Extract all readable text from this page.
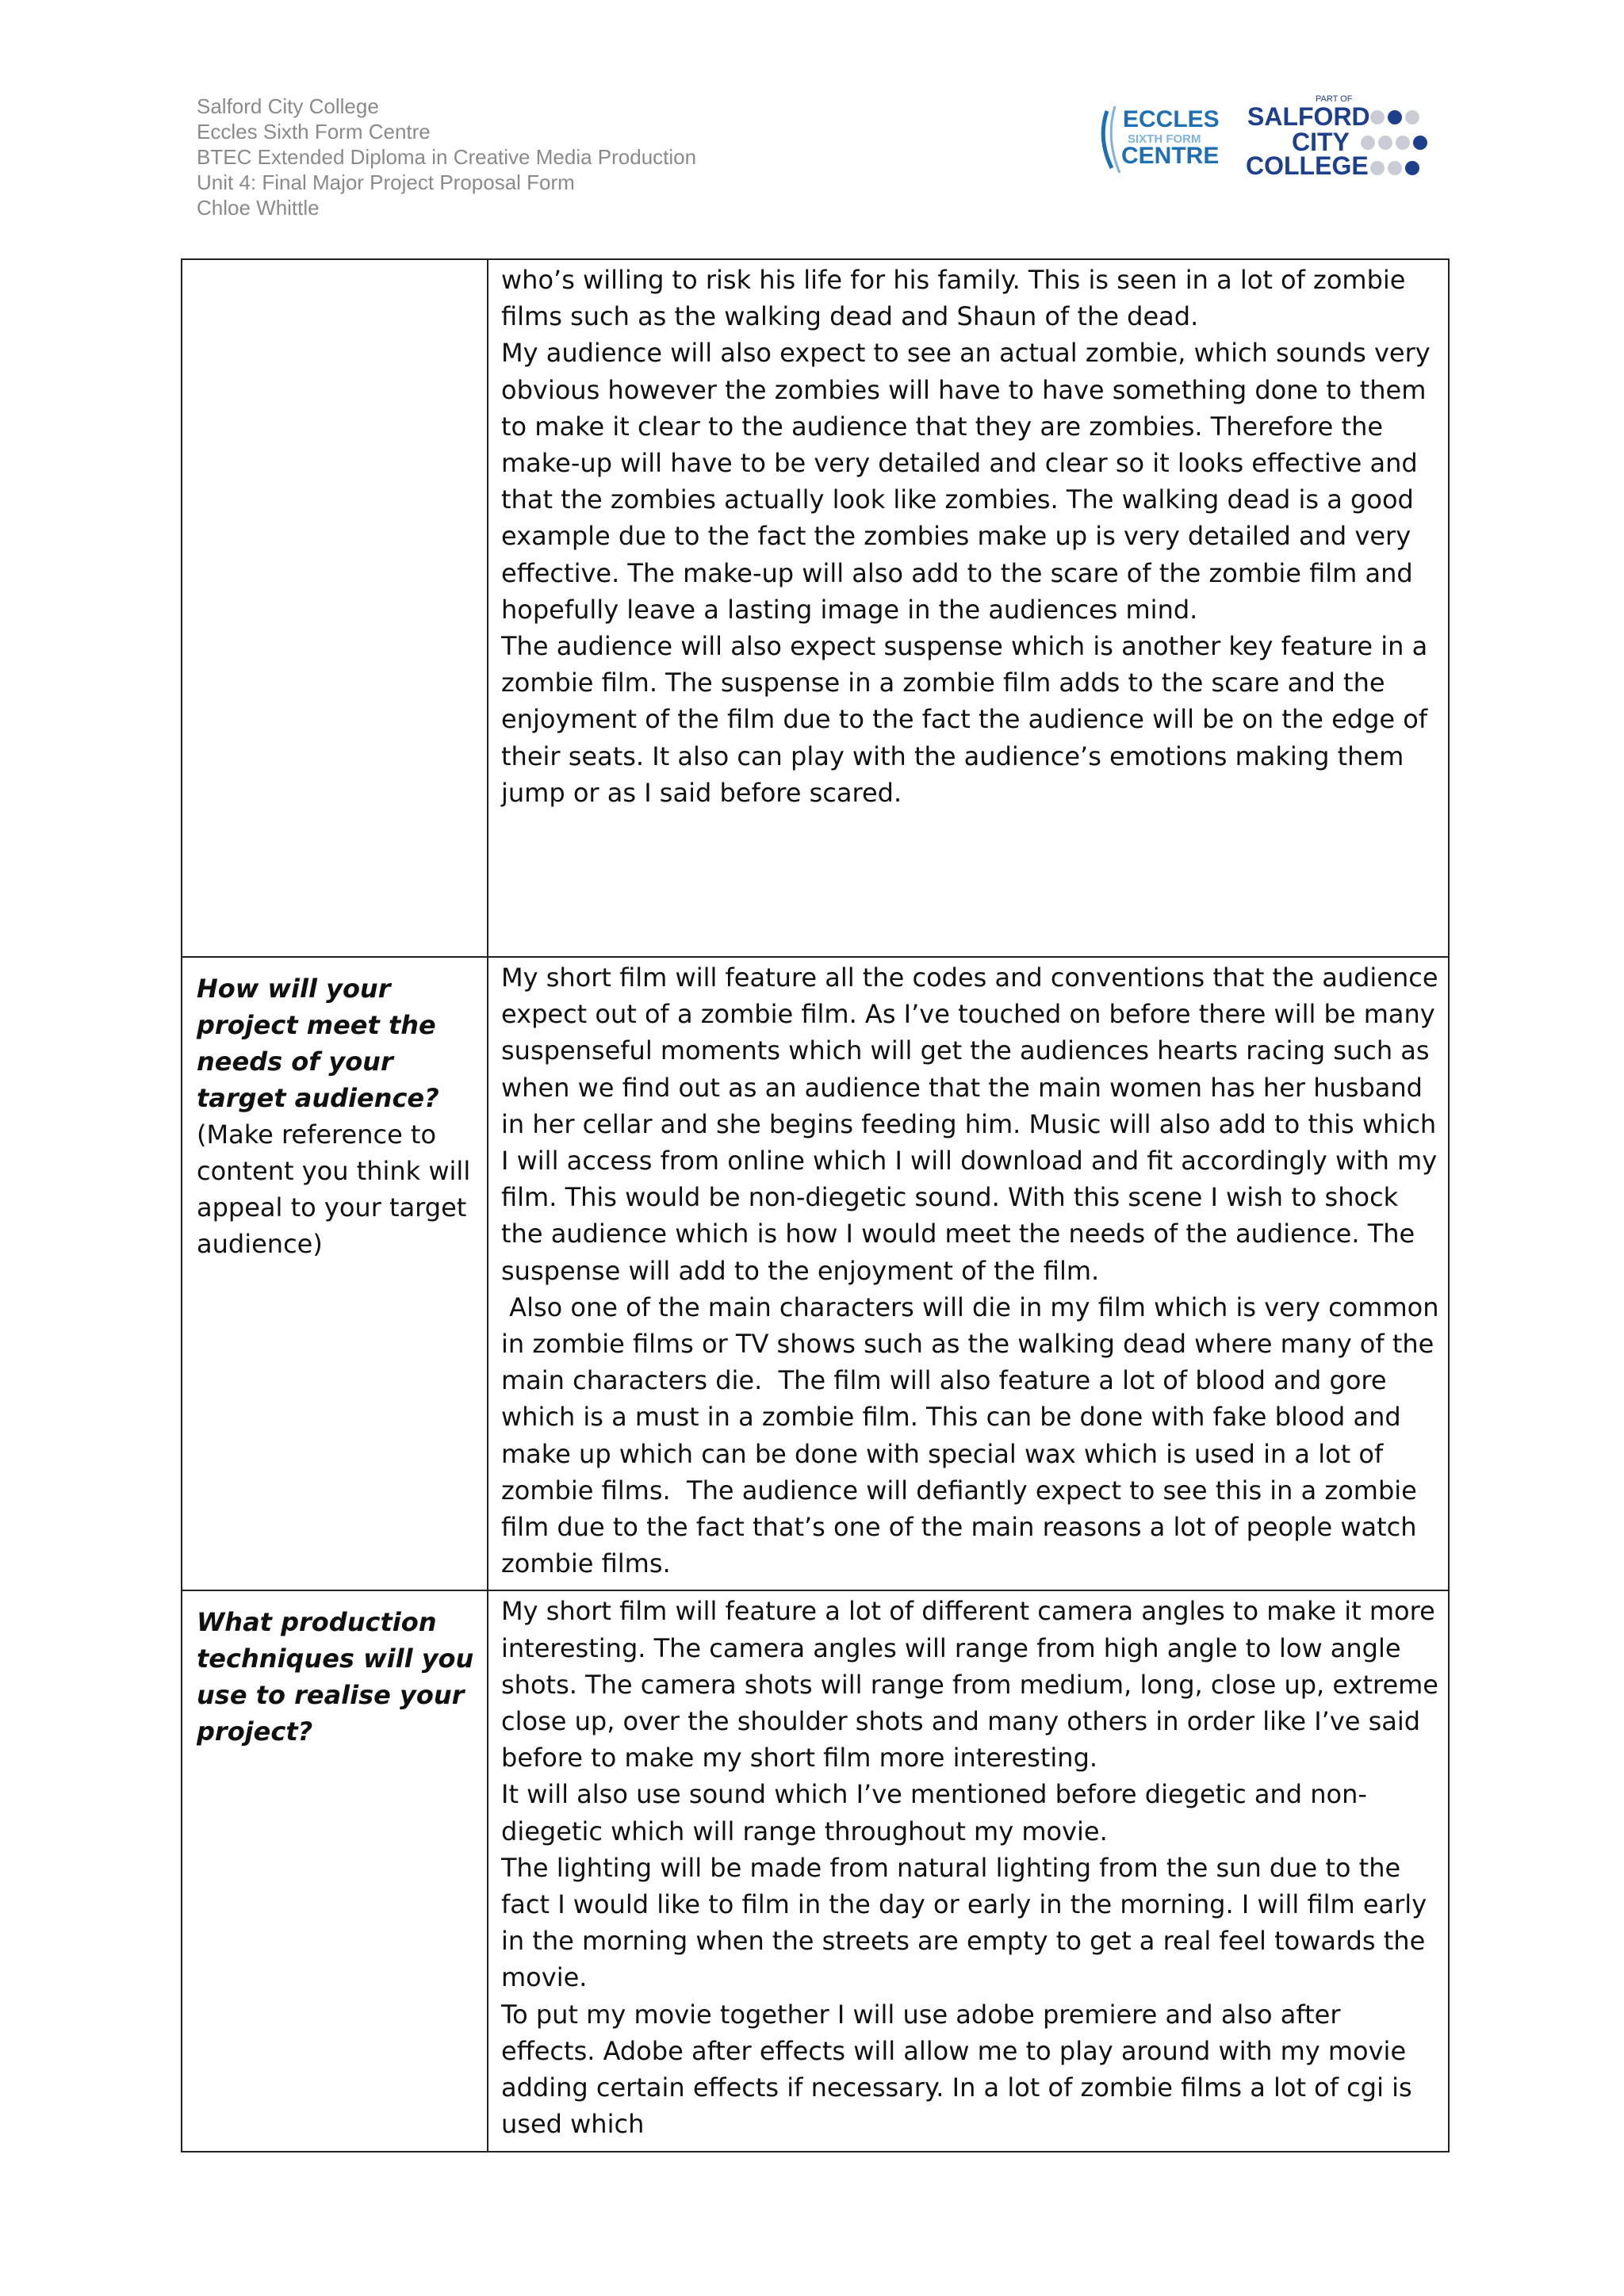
Salford City College
Eccles Sixth Form Centre
BTEC Extended Diploma in Creative Media Production
Unit 4: Final Major Project Proposal Form
Chloe Whittle
ECCLES
SIXTH FORM
CENTRE
PART OF
SALFORD
CITY
COLLEGE

	who’s willing to risk his life for his family. This is seen in a lot of zombie films such as the walking dead and Shaun of the dead.

My audience will also expect to see an actual zombie, which sounds very obvious however the zombies will have to have something done to them to make it clear to the audience that they are zombies. Therefore the make-up will have to be very detailed and clear so it looks effective and that the zombies actually look like zombies. The walking dead is a good example due to the fact the zombies make up is very detailed and very effective. The make-up will also add to the scare of the zombie film and hopefully leave a lasting image in the audiences mind.

The audience will also expect suspense which is another key feature in a zombie film. The suspense in a zombie film adds to the scare and the enjoyment of the film due to the fact the audience will be on the edge of their seats. It also can play with the audience’s emotions making them jump or as I said before scared.

How will your project meet the needs of your target audience? (Make reference to content you think will appeal to your target audience)	My short film will feature all the codes and conventions that the audience expect out of a zombie film. As I’ve touched on before there will be many suspenseful moments which will get the audiences hearts racing such as when we find out as an audience that the main women has her husband in her cellar and she begins feeding him. Music will also add to this which I will access from online which I will download and fit accordingly with my film. This would be non-diegetic sound. With this scene I wish to shock the audience which is how I would meet the needs of the audience. The suspense will add to the enjoyment of the film.

Also one of the main characters will die in my film which is very common in zombie films or TV shows such as the walking dead where many of the main characters die.  The film will also feature a lot of blood and gore which is a must in a zombie film. This can be done with fake blood and make up which can be done with special wax which is used in a lot of zombie films.  The audience will defiantly expect to see this in a zombie film due to the fact that’s one of the main reasons a lot of people watch zombie films.

What production techniques will you use to realise your project?	My short film will feature a lot of different camera angles to make it more interesting. The camera angles will range from high angle to low angle shots. The camera shots will range from medium, long, close up, extreme close up, over the shoulder shots and many others in order like I’ve said before to make my short film more interesting.

It will also use sound which I’ve mentioned before diegetic and non-diegetic which will range throughout my movie.

The lighting will be made from natural lighting from the sun due to the fact I would like to film in the day or early in the morning. I will film early in the morning when the streets are empty to get a real feel towards the movie.

To put my movie together I will use adobe premiere and also after effects. Adobe after effects will allow me to play around with my movie adding certain effects if necessary. In a lot of zombie films a lot of cgi is used which
